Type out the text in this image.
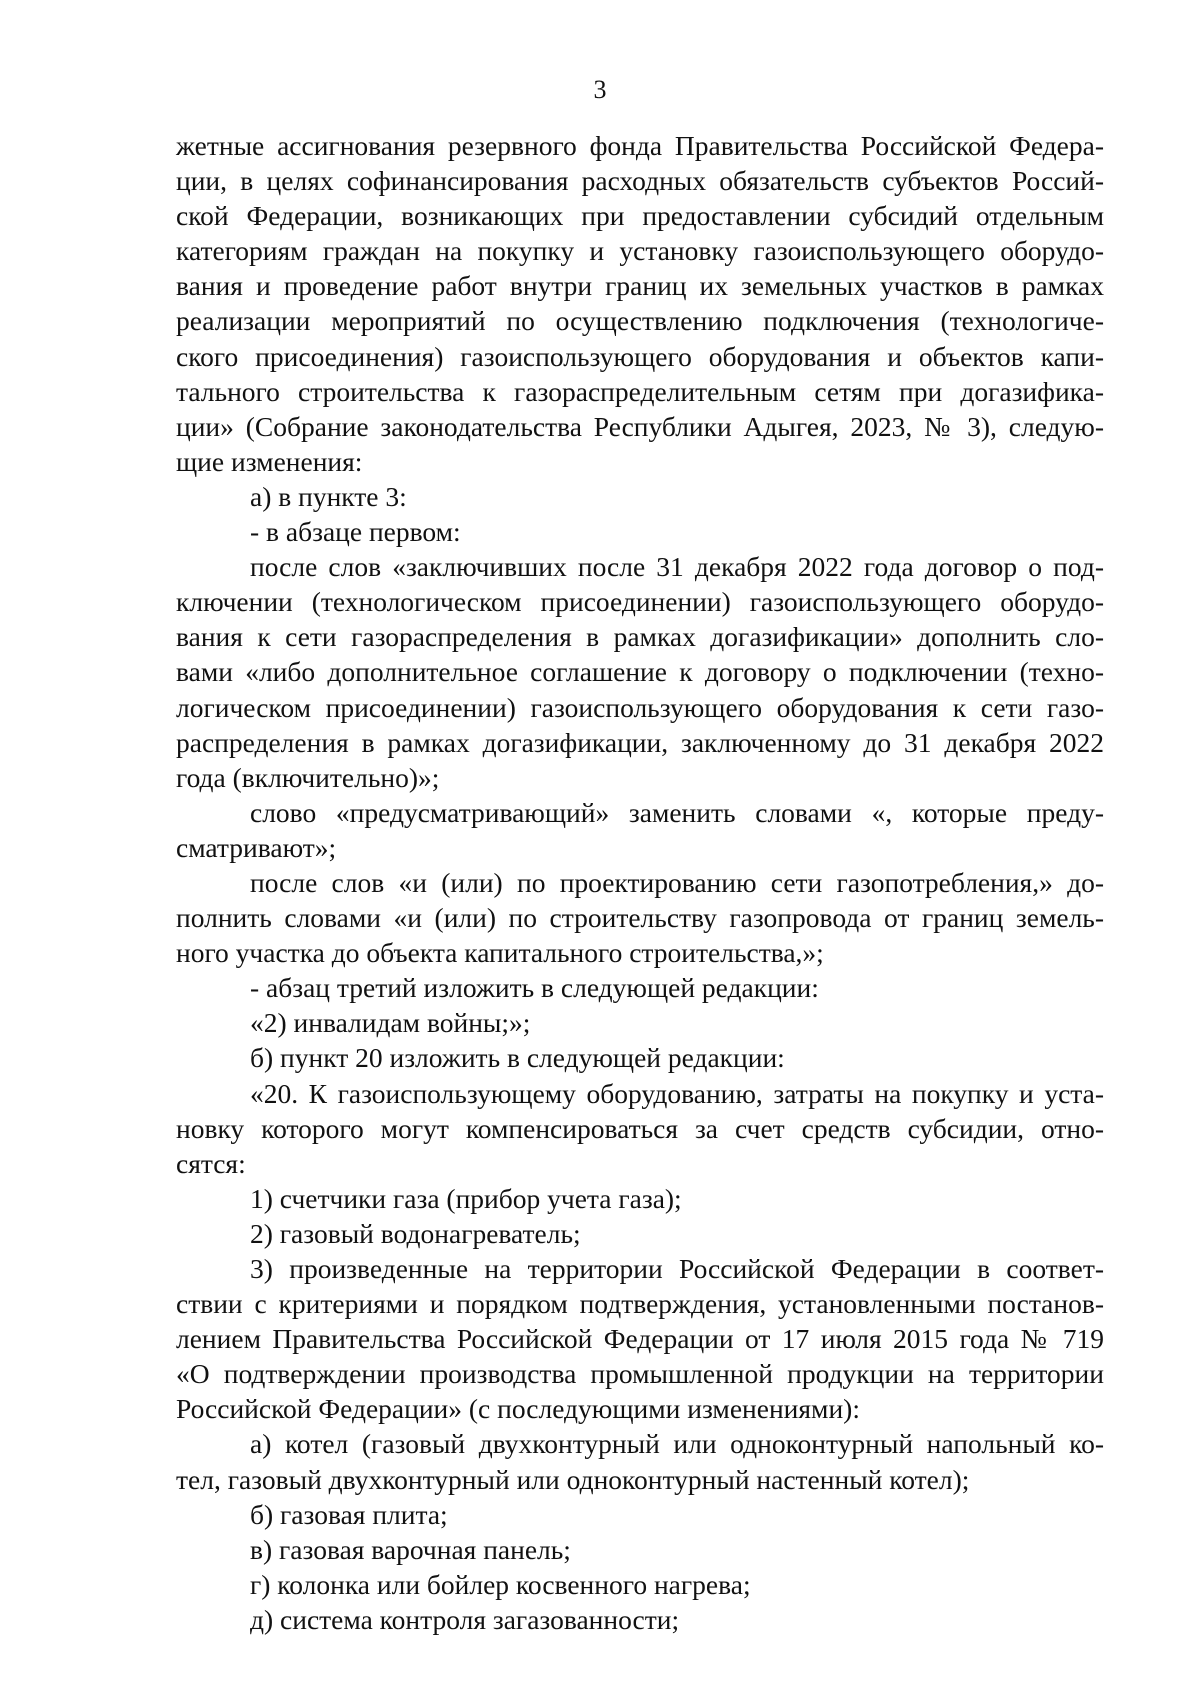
3
жетные ассигнования резервного фонда Правительства Российской Федера-
ции, в целях софинансирования расходных обязательств субъектов Россий-
ской Федерации, возникающих при предоставлении субсидий отдельным
категориям граждан на покупку и установку газоиспользующего оборудо-
вания и проведение работ внутри границ их земельных участков в рамках
реализации мероприятий по осуществлению подключения (технологиче-
ского присоединения) газоиспользующего оборудования и объектов капи-
тального строительства к газораспределительным сетям при догазифика-
ции» (Собрание законодательства Республики Адыгея, 2023, № 3), следую-
щие изменения:
а) в пункте 3:
- в абзаце первом:
после слов «заключивших после 31 декабря 2022 года договор о под-
ключении (технологическом присоединении) газоиспользующего оборудо-
вания к сети газораспределения в рамках догазификации» дополнить сло-
вами «либо дополнительное соглашение к договору о подключении (техно-
логическом присоединении) газоиспользующего оборудования к сети газо-
распределения в рамках догазификации, заключенному до 31 декабря 2022
года (включительно)»;
слово «предусматривающий» заменить словами «, которые преду-
сматривают»;
после слов «и (или) по проектированию сети газопотребления,» до-
полнить словами «и (или) по строительству газопровода от границ земель-
ного участка до объекта капитального строительства,»;
- абзац третий изложить в следующей редакции:
«2) инвалидам войны;»;
б) пункт 20 изложить в следующей редакции:
«20. К газоиспользующему оборудованию, затраты на покупку и уста-
новку которого могут компенсироваться за счет средств субсидии, отно-
сятся:
1) счетчики газа (прибор учета газа);
2) газовый водонагреватель;
3) произведенные на территории Российской Федерации в соответ-
ствии с критериями и порядком подтверждения, установленными постанов-
лением Правительства Российской Федерации от 17 июля 2015 года № 719
«О подтверждении производства промышленной продукции на территории
Российской Федерации» (с последующими изменениями):
а) котел (газовый двухконтурный или одноконтурный напольный ко-
тел, газовый двухконтурный или одноконтурный настенный котел);
б) газовая плита;
в) газовая варочная панель;
г) колонка или бойлер косвенного нагрева;
д) система контроля загазованности;
